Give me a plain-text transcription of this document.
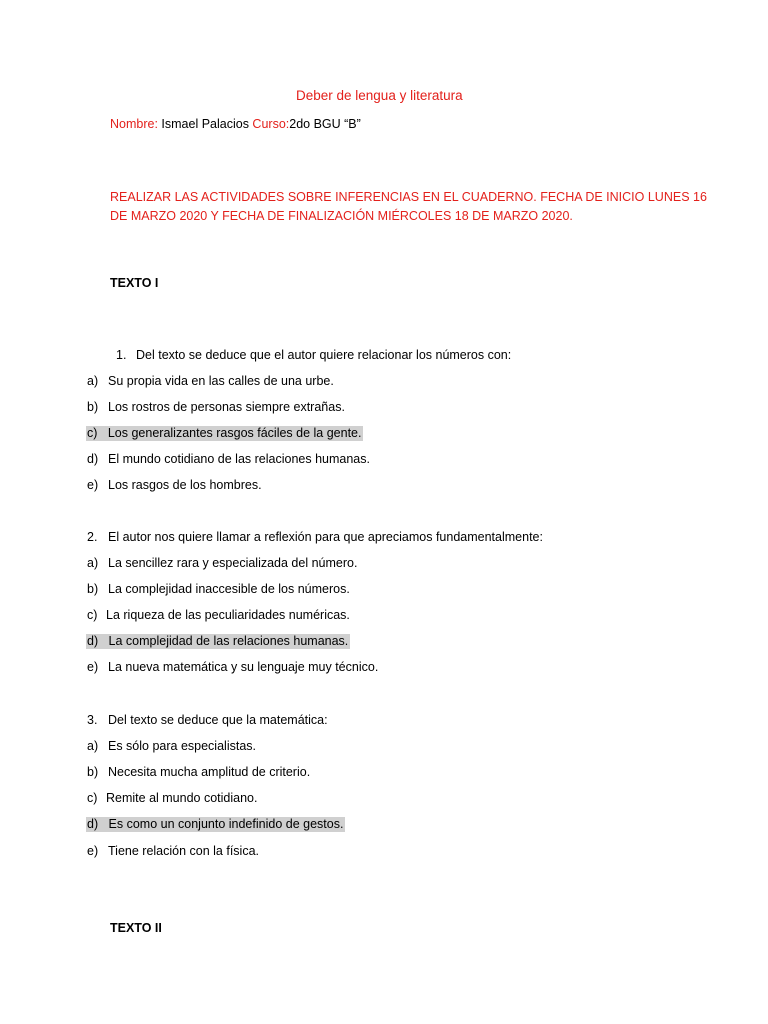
Deber de lengua y literatura
Nombre: Ismael Palacios Curso:2do BGU “B”
REALIZAR LAS ACTIVIDADES SOBRE INFERENCIAS EN EL CUADERNO. FECHA DE INICIO LUNES 16
DE MARZO 2020 Y FECHA DE FINALIZACIÓN MIÉRCOLES 18 DE MARZO 2020.
TEXTO I
1. Del texto se deduce que el autor quiere relacionar los números con:
a) Su propia vida en las calles de una urbe.
b) Los rostros de personas siempre extrañas.
c) Los generalizantes rasgos fáciles de la gente.
d) El mundo cotidiano de las relaciones humanas.
e) Los rasgos de los hombres.
2. El autor nos quiere llamar a reflexión para que apreciamos fundamentalmente:
a) La sencillez rara y especializada del número.
b) La complejidad inaccesible de los números.
c) La riqueza de las peculiaridades numéricas.
d) La complejidad de las relaciones humanas.
e) La nueva matemática y su lenguaje muy técnico.
3. Del texto se deduce que la matemática:
a) Es sólo para especialistas.
b) Necesita mucha amplitud de criterio.
c) Remite al mundo cotidiano.
d) Es como un conjunto indefinido de gestos.
e) Tiene relación con la física.
TEXTO II
